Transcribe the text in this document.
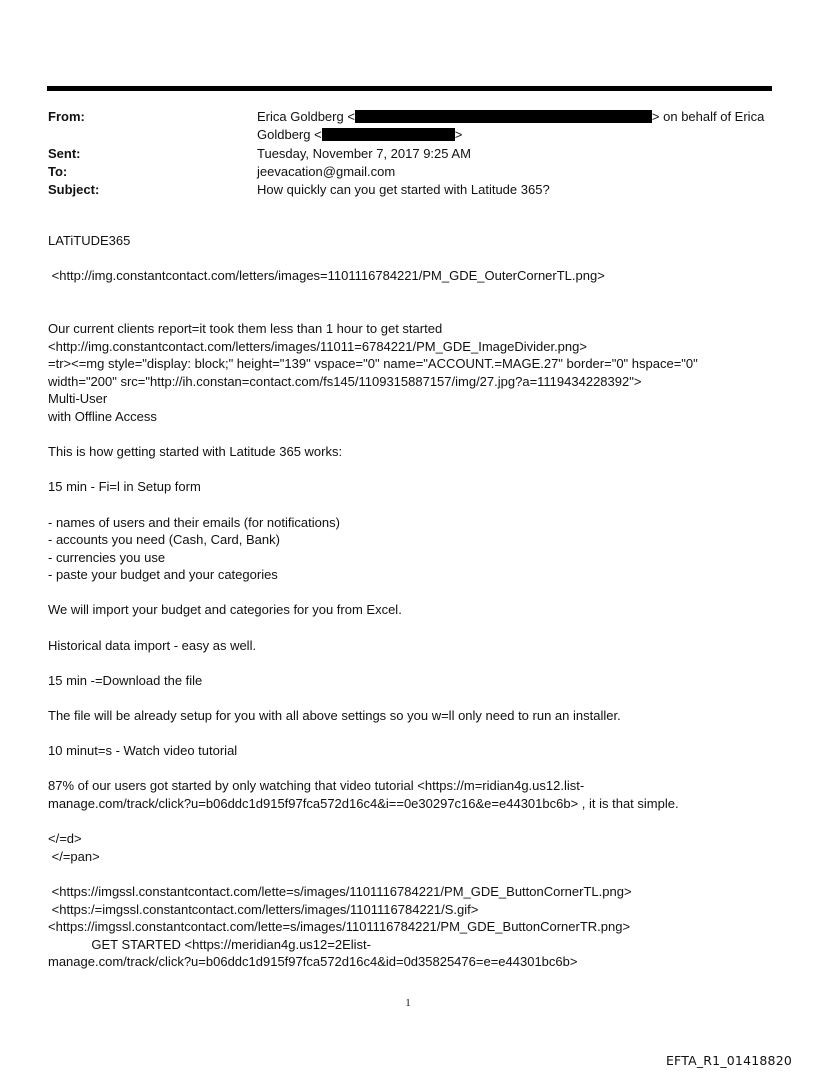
From:	Erica Goldberg <	> on behalf of Erica
Goldberg <	>
Sent:	Tuesday, November 7, 2017 9:25 AM
To:	jeevacation@gmail.com
Subject:	How quickly can you get started with Latitude 365?

LATiTUDE365

<http://img.constantcontact.com/letters/images=1101116784221/PM_GDE_OuterCornerTL.png>

Our current clients report=it took them less than 1 hour to get started

<http://img.constantcontact.com/letters/images/11011=6784221/PM_GDE_ImageDivider.png>

=tr><=mg style="display: block;" height="139" vspace="0" name="ACCOUNT.=MAGE.27" border="0" hspace="0"

width="200" src="http://ih.constan=contact.com/fs145/1109315887157/img/27.jpg?a=1119434228392">

Multi-User

with Offline Access

This is how getting started with Latitude 365 works:

15 min - Fi=l in Setup form

- names of users and their emails (for notifications)

- accounts you need (Cash, Card, Bank)

- currencies you use

- paste your budget and your categories

We will import your budget and categories for you from Excel.

Historical data import - easy as well.

15 min -=Download the file

The file will be already setup for you with all above settings so you w=ll only need to run an installer.

10 minut=s - Watch video tutorial

87% of our users got started by only watching that video tutorial <https://m=ridian4g.us12.list-

manage.com/track/click?u=b06ddc1d915f97fca572d16c4&i==0e30297c16&e=e44301bc6b> , it is that simple.

</=d>

</=pan>

<https://imgssl.constantcontact.com/lette=s/images/1101116784221/PM_GDE_ButtonCornerTL.png>

<https:/=imgssl.constantcontact.com/letters/images/1101116784221/S.gif>

<https://imgssl.constantcontact.com/lette=s/images/1101116784221/PM_GDE_ButtonCornerTR.png>

GET STARTED <https://meridian4g.us12=2Elist-

manage.com/track/click?u=b06ddc1d915f97fca572d16c4&id=0d35825476=e=e44301bc6b>

1
EFTA_R1_01418820
